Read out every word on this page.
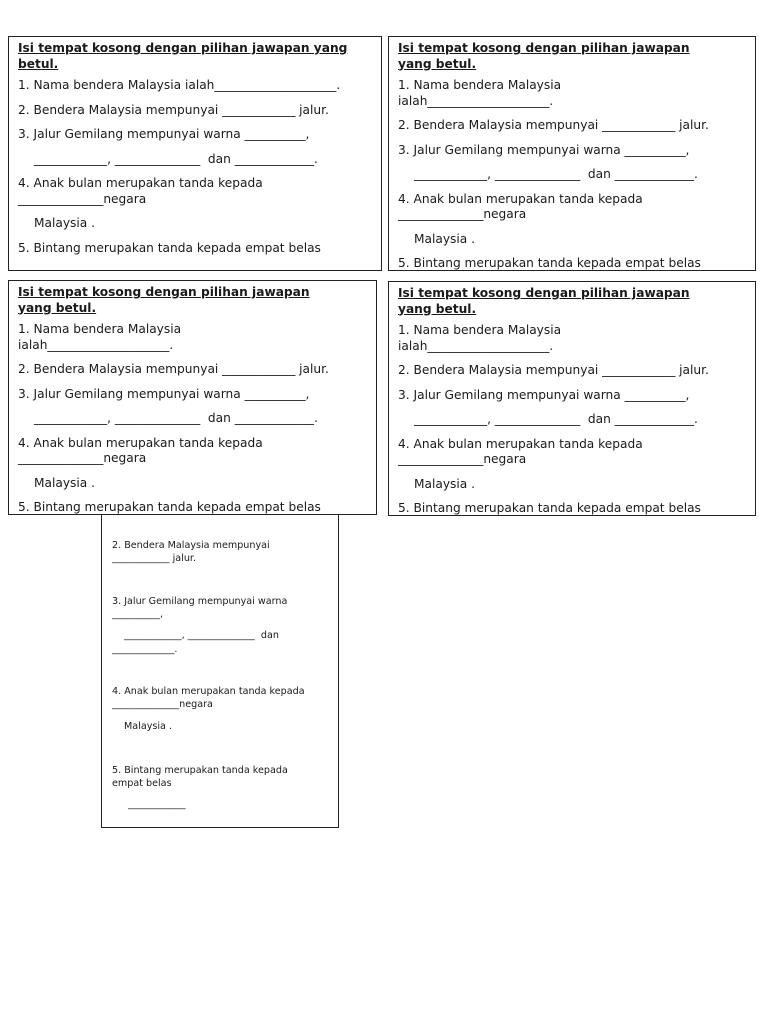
Isi tempat kosong dengan pilihan jawapan yang
betul.
1. Nama bendera Malaysia ialah____________________.
2. Bendera Malaysia mempunyai ____________ jalur.
3. Jalur Gemilang mempunyai warna __________,
____________, ______________  dan _____________.
4. Anak bulan merupakan tanda kepada
______________negara
Malaysia .
5. Bintang merupakan tanda kepada empat belas
Isi tempat kosong dengan pilihan jawapan
yang betul.
1. Nama bendera Malaysia
ialah____________________.
2. Bendera Malaysia mempunyai ____________ jalur.
3. Jalur Gemilang mempunyai warna __________,
____________, ______________  dan _____________.
4. Anak bulan merupakan tanda kepada
______________negara
Malaysia .
5. Bintang merupakan tanda kepada empat belas
Isi tempat kosong dengan pilihan jawapan
yang betul.
1. Nama bendera Malaysia
ialah____________________.
2. Bendera Malaysia mempunyai ____________ jalur.
3. Jalur Gemilang mempunyai warna __________,
____________, ______________  dan _____________.
4. Anak bulan merupakan tanda kepada
______________negara
Malaysia .
5. Bintang merupakan tanda kepada empat belas
Isi tempat kosong dengan pilihan jawapan
yang betul.
1. Nama bendera Malaysia
ialah____________________.
2. Bendera Malaysia mempunyai ____________ jalur.
3. Jalur Gemilang mempunyai warna __________,
____________, ______________  dan _____________.
4. Anak bulan merupakan tanda kepada
______________negara
Malaysia .
5. Bintang merupakan tanda kepada empat belas
2. Bendera Malaysia mempunyai
____________ jalur.
3. Jalur Gemilang mempunyai warna
__________,
____________, ______________  dan
_____________.
4. Anak bulan merupakan tanda kepada
______________negara
Malaysia .
5. Bintang merupakan tanda kepada
empat belas
____________
